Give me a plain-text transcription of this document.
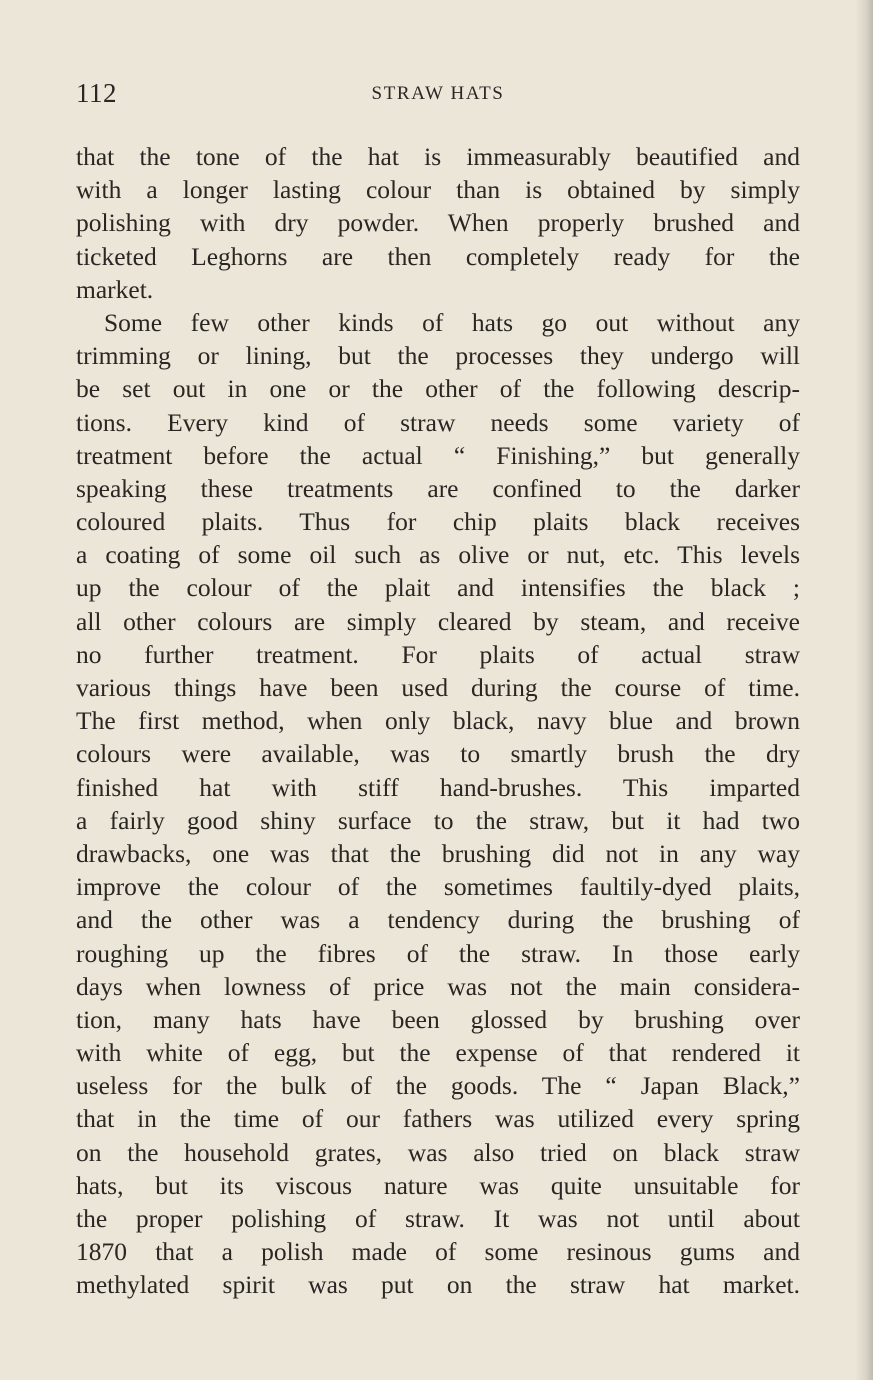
112	STRAW HATS
that the tone of the hat is immeasurably beautified and
with a longer lasting colour than is obtained by simply
polishing with dry powder. When properly brushed and
ticketed Leghorns are then completely ready for the
market.
Some few other kinds of hats go out without any
trimming or lining, but the processes they undergo will
be set out in one or the other of the following descrip-
tions. Every kind of straw needs some variety of
treatment before the actual “ Finishing,” but generally
speaking these treatments are confined to the darker
coloured plaits. Thus for chip plaits black receives
a coating of some oil such as olive or nut, etc. This levels
up the colour of the plait and intensifies the black ;
all other colours are simply cleared by steam, and receive
no further treatment. For plaits of actual straw
various things have been used during the course of time.
The first method, when only black, navy blue and brown
colours were available, was to smartly brush the dry
finished hat with stiff hand-brushes. This imparted
a fairly good shiny surface to the straw, but it had two
drawbacks, one was that the brushing did not in any way
improve the colour of the sometimes faultily-dyed plaits,
and the other was a tendency during the brushing of
roughing up the fibres of the straw. In those early
days when lowness of price was not the main considera-
tion, many hats have been glossed by brushing over
with white of egg, but the expense of that rendered it
useless for the bulk of the goods. The “ Japan Black,”
that in the time of our fathers was utilized every spring
on the household grates, was also tried on black straw
hats, but its viscous nature was quite unsuitable for
the proper polishing of straw. It was not until about
1870 that a polish made of some resinous gums and
methylated spirit was put on the straw hat market.
